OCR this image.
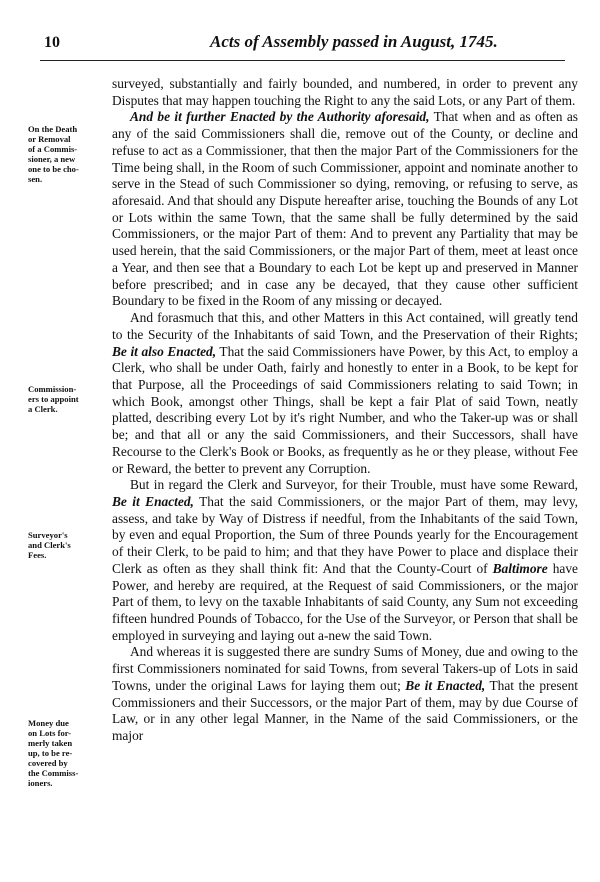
10	Acts of Assembly passed in August, 1745.
On the Death
or Removal
of a Commis-
sioner, a new
one to be cho-
sen.
Commission-
ers to appoint
a Clerk.
Surveyor's
and Clerk's
Fees.
Money due
on Lots for-
merly taken
up, to be re-
covered by
the Commiss-
ioners.

surveyed, substantially and fairly bounded, and numbered, in order to prevent any Disputes that may happen touching the Right to any the said Lots, or any Part of them.

And be it further Enacted by the Authority aforesaid, That when and as often as any of the said Commissioners shall die, remove out of the County, or decline and refuse to act as a Commissioner, that then the major Part of the Commissioners for the Time being shall, in the Room of such Commissioner, appoint and nominate another to serve in the Stead of such Commissioner so dying, removing, or refusing to serve, as aforesaid. And that should any Dispute hereafter arise, touching the Bounds of any Lot or Lots within the same Town, that the same shall be fully determined by the said Commissioners, or the major Part of them: And to prevent any Partiality that may be used herein, that the said Commissioners, or the major Part of them, meet at least once a Year, and then see that a Boundary to each Lot be kept up and preserved in Manner before prescribed; and in case any be decayed, that they cause other sufficient Boundary to be fixed in the Room of any missing or decayed.

And forasmuch that this, and other Matters in this Act contained, will greatly tend to the Security of the Inhabitants of said Town, and the Preservation of their Rights; Be it also Enacted, That the said Commissioners have Power, by this Act, to employ a Clerk, who shall be under Oath, fairly and honestly to enter in a Book, to be kept for that Purpose, all the Proceedings of said Commissioners relating to said Town; in which Book, amongst other Things, shall be kept a fair Plat of said Town, neatly platted, describing every Lot by it's right Number, and who the Taker-up was or shall be; and that all or any the said Commissioners, and their Successors, shall have Recourse to the Clerk's Book or Books, as frequently as he or they please, without Fee or Reward, the better to prevent any Corruption.

But in regard the Clerk and Surveyor, for their Trouble, must have some Reward, Be it Enacted, That the said Commissioners, or the major Part of them, may levy, assess, and take by Way of Distress if needful, from the Inhabitants of the said Town, by even and equal Proportion, the Sum of three Pounds yearly for the Encouragement of their Clerk, to be paid to him; and that they have Power to place and displace their Clerk as often as they shall think fit: And that the County-Court of Baltimore have Power, and hereby are required, at the Request of said Commissioners, or the major Part of them, to levy on the taxable Inhabitants of said County, any Sum not exceeding fifteen hundred Pounds of Tobacco, for the Use of the Surveyor, or Person that shall be employed in surveying and laying out a-new the said Town.

And whereas it is suggested there are sundry Sums of Money, due and owing to the first Commissioners nominated for said Towns, from several Takers-up of Lots in said Towns, under the original Laws for laying them out; Be it Enacted, That the present Commissioners and their Successors, or the major Part of them, may by due Course of Law, or in any other legal Manner, in the Name of the said Commissioners, or the major
